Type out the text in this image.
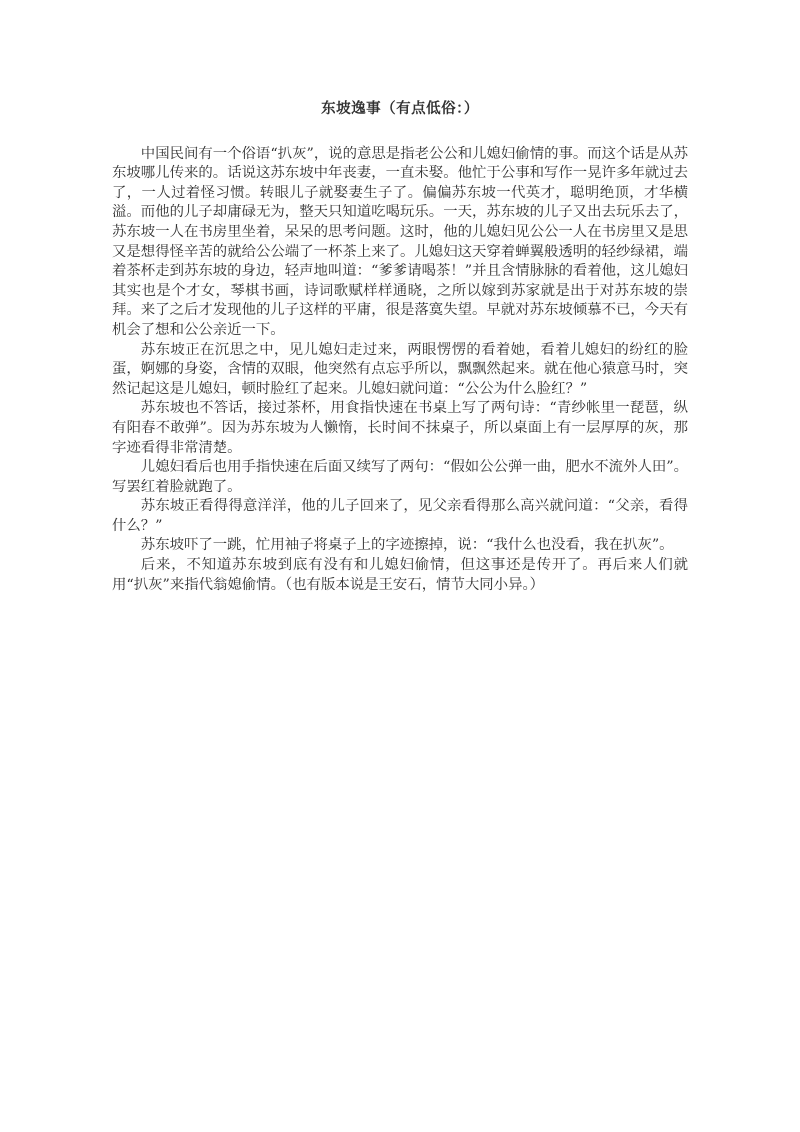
东坡逸事（有点低俗：）

中国民间有一个俗语“扒灰”，说的意思是指老公公和儿媳妇偷情的事。而这个话是从苏东坡哪儿传来的。话说这苏东坡中年丧妻，一直未娶。他忙于公事和写作一晃许多年就过去了，一人过着怪习惯。转眼儿子就娶妻生子了。偏偏苏东坡一代英才，聪明绝顶，才华横溢。而他的儿子却庸碌无为，整天只知道吃喝玩乐。一天，苏东坡的儿子又出去玩乐去了，苏东坡一人在书房里坐着，呆呆的思考问题。这时，他的儿媳妇见公公一人在书房里又是思又是想得怪辛苦的就给公公端了一杯茶上来了。儿媳妇这天穿着蝉翼般透明的轻纱绿裙，端着茶杯走到苏东坡的身边，轻声地叫道：“爹爹请喝茶！”并且含情脉脉的看着他，这儿媳妇其实也是个才女，琴棋书画，诗词歌赋样样通晓，之所以嫁到苏家就是出于对苏东坡的崇拜。来了之后才发现他的儿子这样的平庸，很是落寞失望。早就对苏东坡倾慕不已，今天有机会了想和公公亲近一下。

苏东坡正在沉思之中，见儿媳妇走过来，两眼愣愣的看着她，看着儿媳妇的纷红的脸蛋，婀娜的身姿，含情的双眼，他突然有点忘乎所以，飘飘然起来。就在他心猿意马时，突然记起这是儿媳妇，顿时脸红了起来。儿媳妇就问道：“公公为什么脸红？”

苏东坡也不答话，接过茶杯，用食指快速在书桌上写了两句诗：“青纱帐里一琵琶，纵有阳春不敢弹”。因为苏东坡为人懒惰，长时间不抹桌子，所以桌面上有一层厚厚的灰，那字迹看得非常清楚。

儿媳妇看后也用手指快速在后面又续写了两句：“假如公公弹一曲，肥水不流外人田”。写罢红着脸就跑了。

苏东坡正看得得意洋洋，他的儿子回来了，见父亲看得那么高兴就问道：“父亲，看得什么？”

苏东坡吓了一跳，忙用袖子将桌子上的字迹擦掉，说：“我什么也没看，我在扒灰”。

后来，不知道苏东坡到底有没有和儿媳妇偷情，但这事还是传开了。再后来人们就用“扒灰”来指代翁媳偷情。（也有版本说是王安石，情节大同小异。）
